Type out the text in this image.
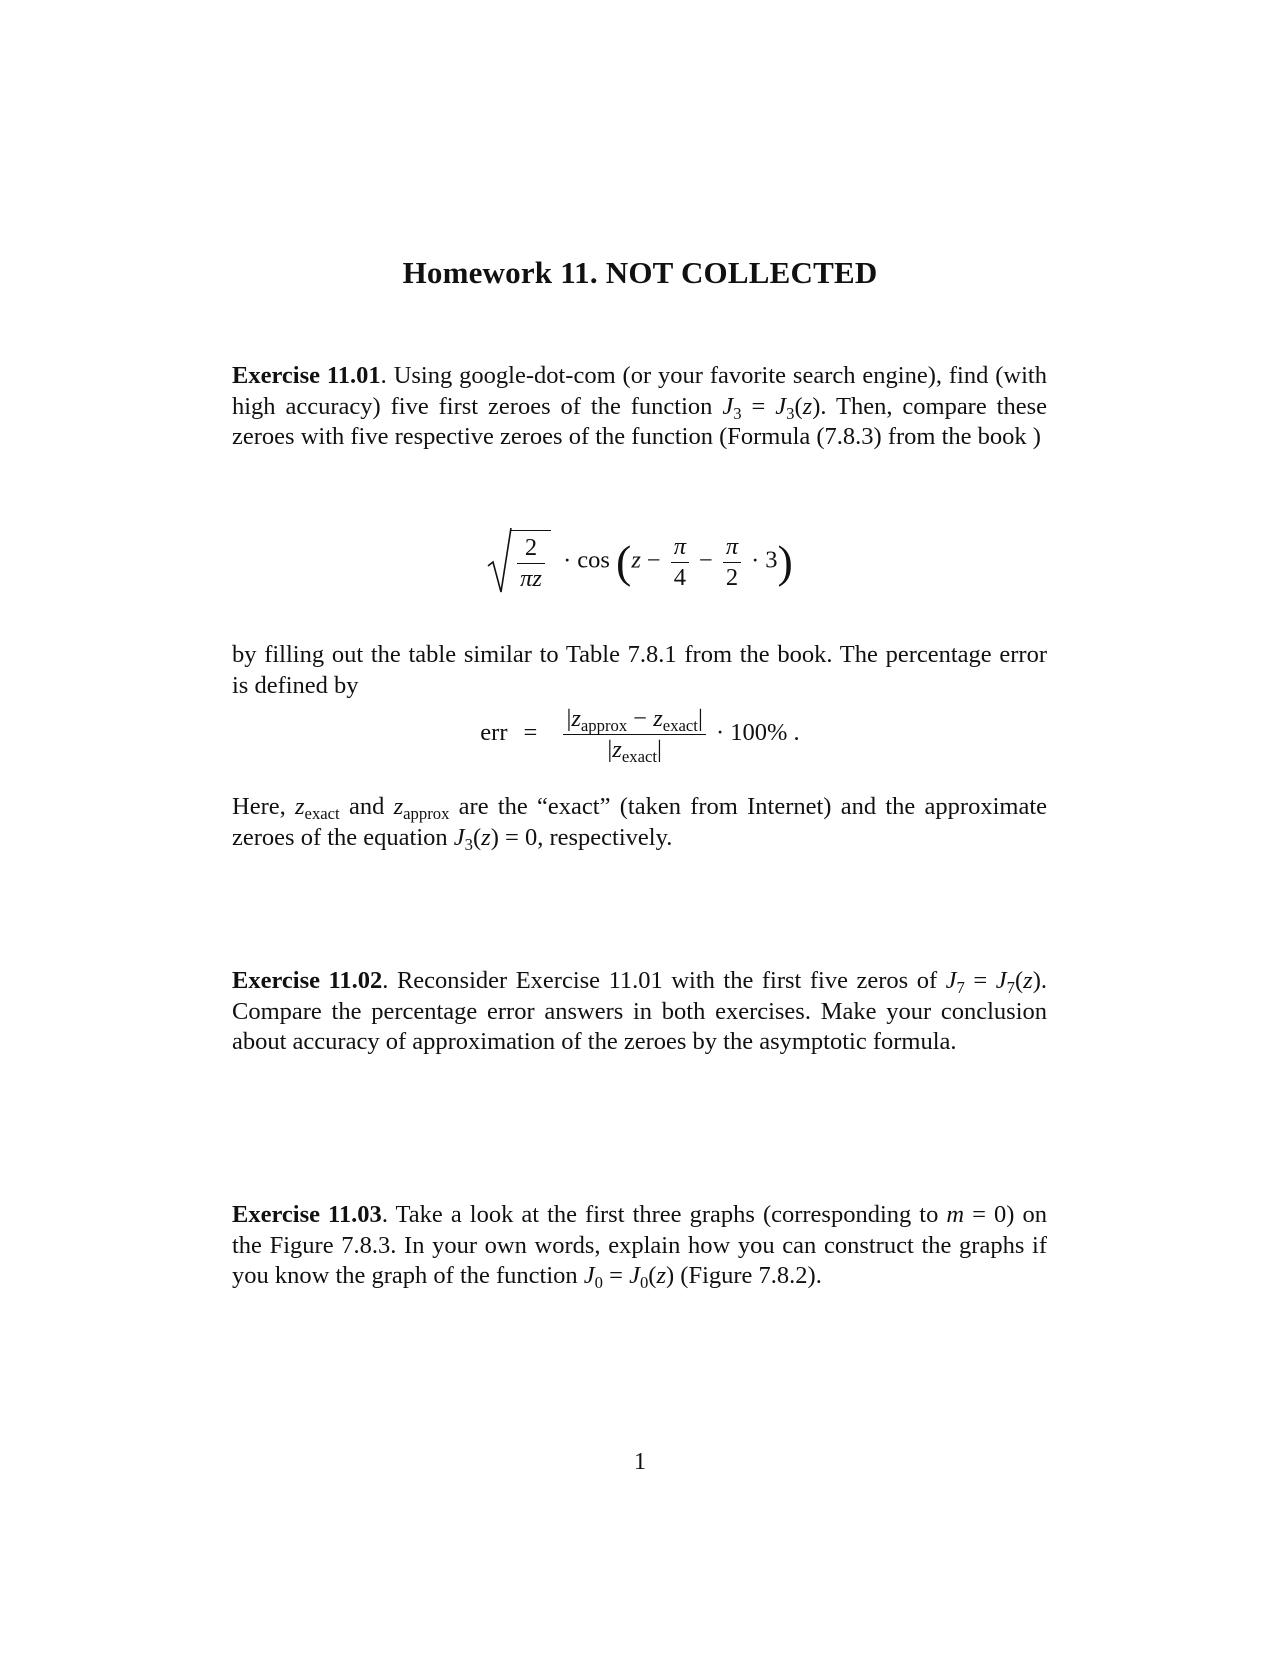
Homework 11. NOT COLLECTED
Exercise 11.01. Using google-dot-com (or your favorite search engine), find (with high accuracy) five first zeroes of the function $J_3 = J_3(z)$. Then, compare these zeroes with five respective zeroes of the function (Formula (7.8.3) from the book )
$\frac{2}{\pi z} \cdot \cos (z - \frac{\pi}{4} - \frac{\pi}{2} \cdot 3)$
by filling out the table similar to Table 7.8.1 from the book. The percentage error is defined by
err = $\frac{|z_{approx} - z_{exact}|}{|z_{exact}|} \cdot 100\%$ .
Here, $z_{exact}$ and $z_{approx}$ are the “exact” (taken from Internet) and the approximate zeroes of the equation $J_3(z) = 0$, respectively.
Exercise 11.02. Reconsider Exercise 11.01 with the first five zeros of $J_7 = J_7(z)$. Compare the percentage error answers in both exercises. Make your conclusion about accuracy of approximation of the zeroes by the asymptotic formula.
Exercise 11.03. Take a look at the first three graphs (corresponding to m = 0) on the Figure 7.8.3. In your own words, explain how you can construct the graphs if you know the graph of the function $J_0 = J_0(z)$ (Figure 7.8.2).
1
